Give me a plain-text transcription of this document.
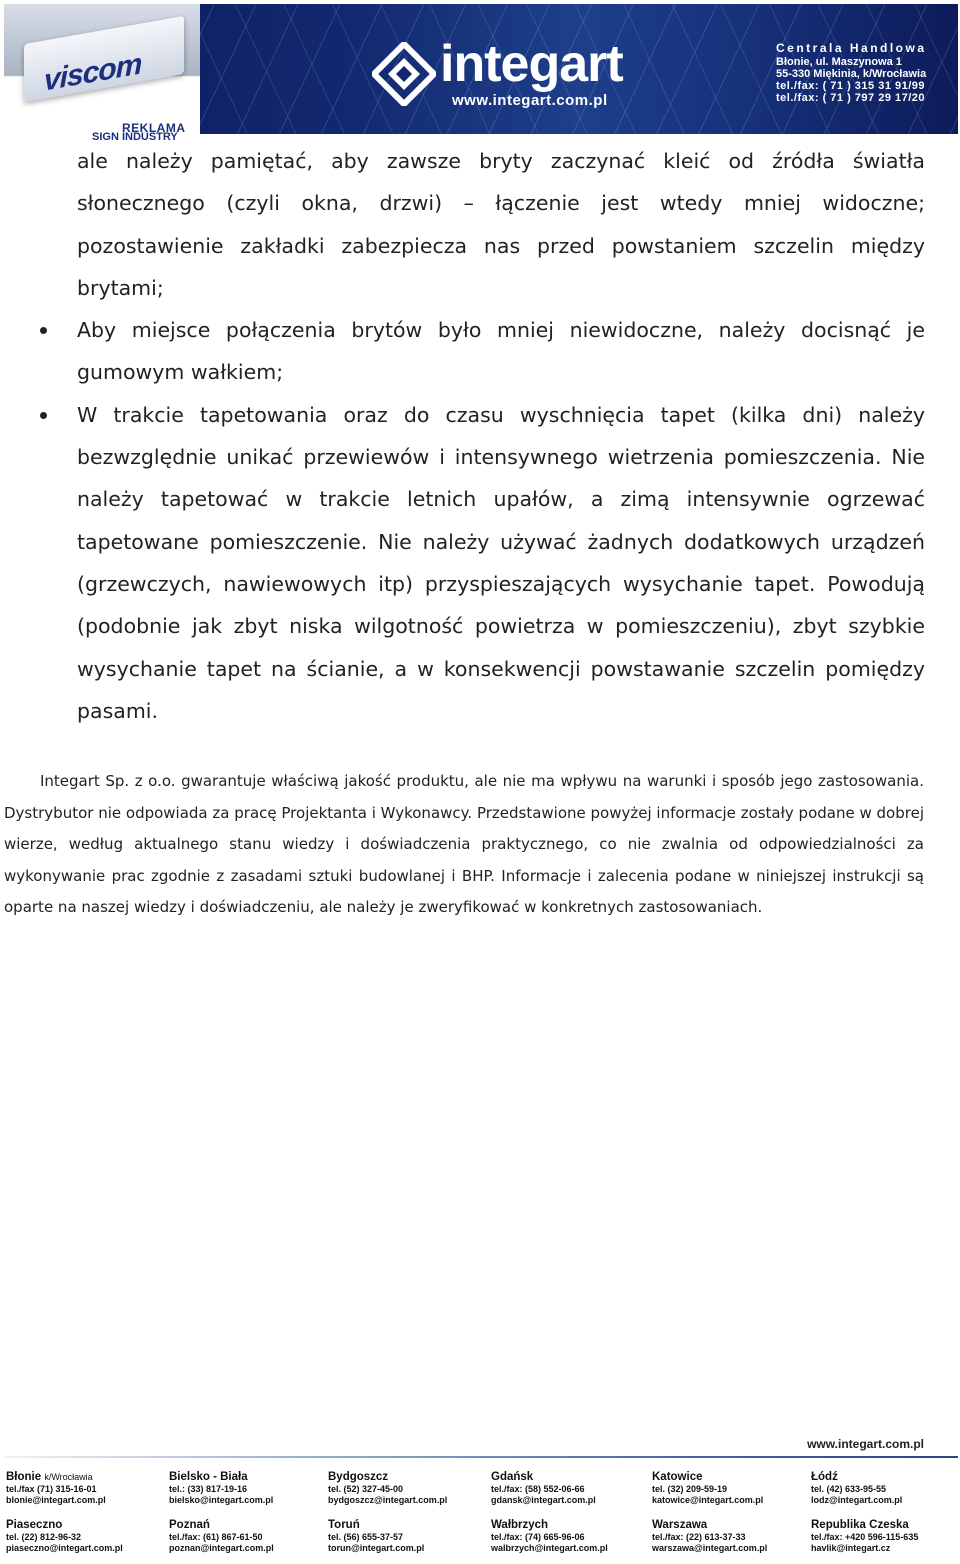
viscom
REKLAMA
integart
www.integart.com.pl
Centrala Handlowa
Błonie, ul. Maszynowa 1
55-330 Miękinia, k/Wrocławia
tel./fax: ( 71 ) 315 31 91/99
tel./fax: ( 71 ) 797 29 17/20
SIGN INDUSTRY

ale należy pamiętać, aby zawsze bryty zaczynać kleić od źródła światła słonecznego (czyli okna, drzwi) – łączenie jest wtedy mniej widoczne; pozostawienie zakładki zabezpiecza nas przed powstaniem szczelin między brytami;

Aby miejsce połączenia brytów było mniej niewidoczne, należy docisnąć je gumowym wałkiem;

W trakcie tapetowania oraz do czasu wyschnięcia tapet (kilka dni) należy bezwzględnie unikać przewiewów i intensywnego wietrzenia pomieszczenia. Nie należy tapetować w trakcie letnich upałów, a zimą intensywnie ogrzewać tapetowane pomieszczenie. Nie należy używać żadnych dodatkowych urządzeń (grzewczych, nawiewowych itp) przyspieszających wysychanie tapet. Powodują (podobnie jak zbyt niska wilgotność powietrza w pomieszczeniu), zbyt szybkie wysychanie tapet na ścianie, a w konsekwencji powstawanie szczelin pomiędzy pasami.

Integart Sp. z o.o. gwarantuje właściwą jakość produktu, ale nie ma wpływu na warunki i sposób jego zastosowania. Dystrybutor nie odpowiada za pracę Projektanta i Wykonawcy. Przedstawione powyżej informacje zostały podane w dobrej wierze, według aktualnego stanu wiedzy i doświadczenia praktycznego, co nie zwalnia od odpowiedzialności za wykonywanie prac zgodnie z zasadami sztuki budowlanej i BHP. Informacje i zalecenia podane w niniejszej instrukcji są oparte na naszej wiedzy i doświadczeniu, ale należy je zweryfikować w konkretnych zastosowaniach.

www.integart.com.pl
Błonie k/Wrocławia
tel./fax (71) 315-16-01
blonie@integart.com.pl
Bielsko - Biała
tel.: (33) 817-19-16
bielsko@integart.com.pl
Bydgoszcz
tel. (52) 327-45-00
bydgoszcz@integart.com.pl
Gdańsk
tel./fax: (58) 552-06-66
gdansk@integart.com.pl
Katowice
tel. (32) 209-59-19
katowice@integart.com.pl
Łódź
tel. (42) 633-95-55
lodz@integart.com.pl
Piaseczno
tel. (22) 812-96-32
piaseczno@integart.com.pl
Poznań
tel./fax: (61) 867-61-50
poznan@integart.com.pl
Toruń
tel. (56) 655-37-57
torun@integart.com.pl
Wałbrzych
tel./fax: (74) 665-96-06
walbrzych@integart.com.pl
Warszawa
tel./fax: (22) 613-37-33
warszawa@integart.com.pl
Republika Czeska
tel./fax: +420 596-115-635
havlik@integart.cz
